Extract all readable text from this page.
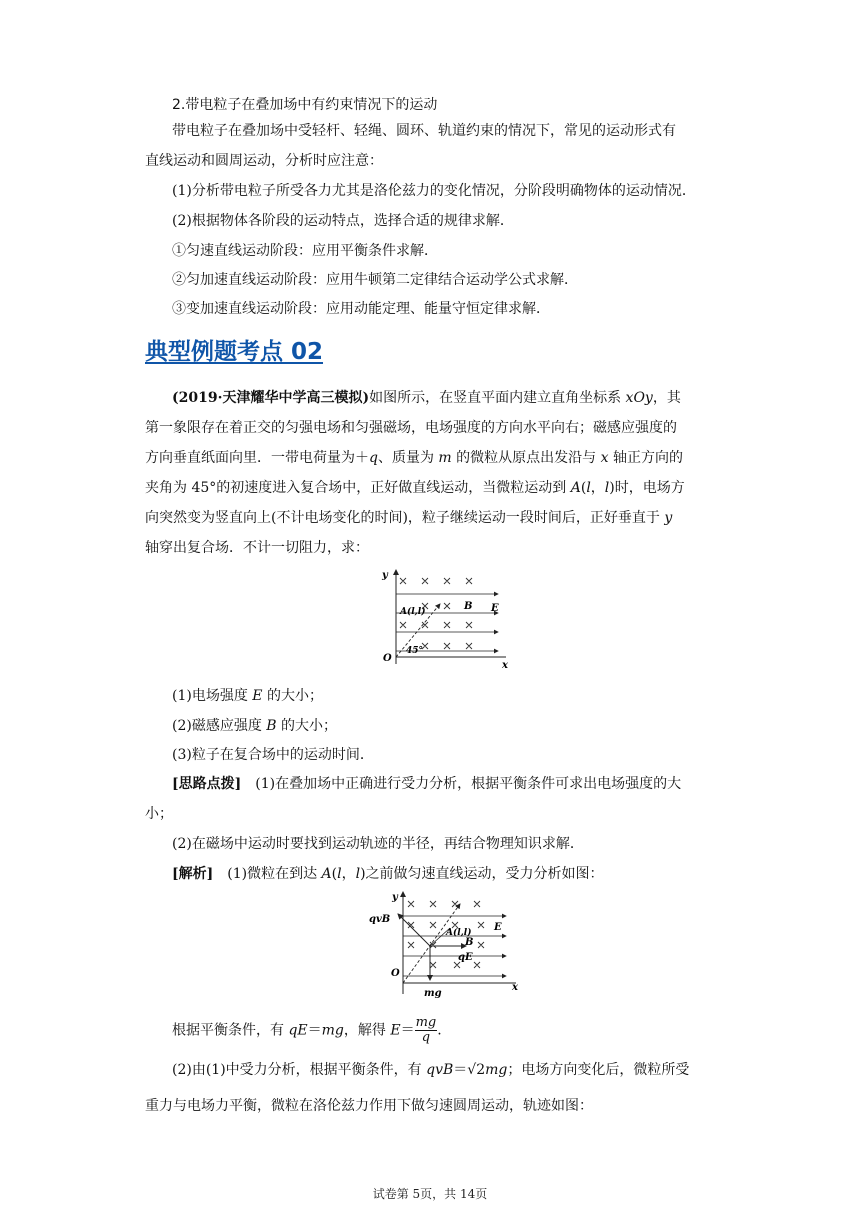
2.带电粒子在叠加场中有约束情况下的运动
带电粒子在叠加场中受轻杆、轻绳、圆环、轨道约束的情况下，常见的运动形式有
直线运动和圆周运动，分析时应注意：
(1)分析带电粒子所受各力尤其是洛伦兹力的变化情况，分阶段明确物体的运动情况．
(2)根据物体各阶段的运动特点，选择合适的规律求解．
①匀速直线运动阶段：应用平衡条件求解．
②匀加速直线运动阶段：应用牛顿第二定律结合运动学公式求解．
③变加速直线运动阶段：应用动能定理、能量守恒定律求解．
典型例题考点 02
(2019·天津耀华中学高三模拟)如图所示，在竖直平面内建立直角坐标系 xOy，其
第一象限存在着正交的匀强电场和匀强磁场，电场强度的方向水平向右；磁感应强度的
方向垂直纸面向里．一带电荷量为＋q、质量为 m 的微粒从原点出发沿与 x 轴正方向的
夹角为 45°的初速度进入复合场中，正好做直线运动，当微粒运动到 A(l，l)时，电场方
向突然变为竖直向上(不计电场变化的时间)，粒子继续运动一段时间后，正好垂直于 y
轴穿出复合场．不计一切阻力，求：
y
O
x
A(l,l)	B E
45°
(1)电场强度 E 的大小；
(2)磁感应强度 B 的大小；
(3)粒子在复合场中的运动时间．
[思路点拨]　(1)在叠加场中正确进行受力分析，根据平衡条件可求出电场强度的大
小；
(2)在磁场中运动时要找到运动轨迹的半径，再结合物理知识求解．
[解析]　(1)微粒在到达 A(l，l)之前做匀速直线运动，受力分析如图：
y
qvB
A(l,l)
B
E
qE
O
mg
x
根据平衡条件，有 qE＝mg，解得 $E= \frac{mg}{q}$ .
(2)由(1)中受力分析，根据平衡条件，有 qvB＝√2mg；电场方向变化后，微粒所受
重力与电场力平衡，微粒在洛伦兹力作用下做匀速圆周运动，轨迹如图：
试卷第 5页，共 14页
